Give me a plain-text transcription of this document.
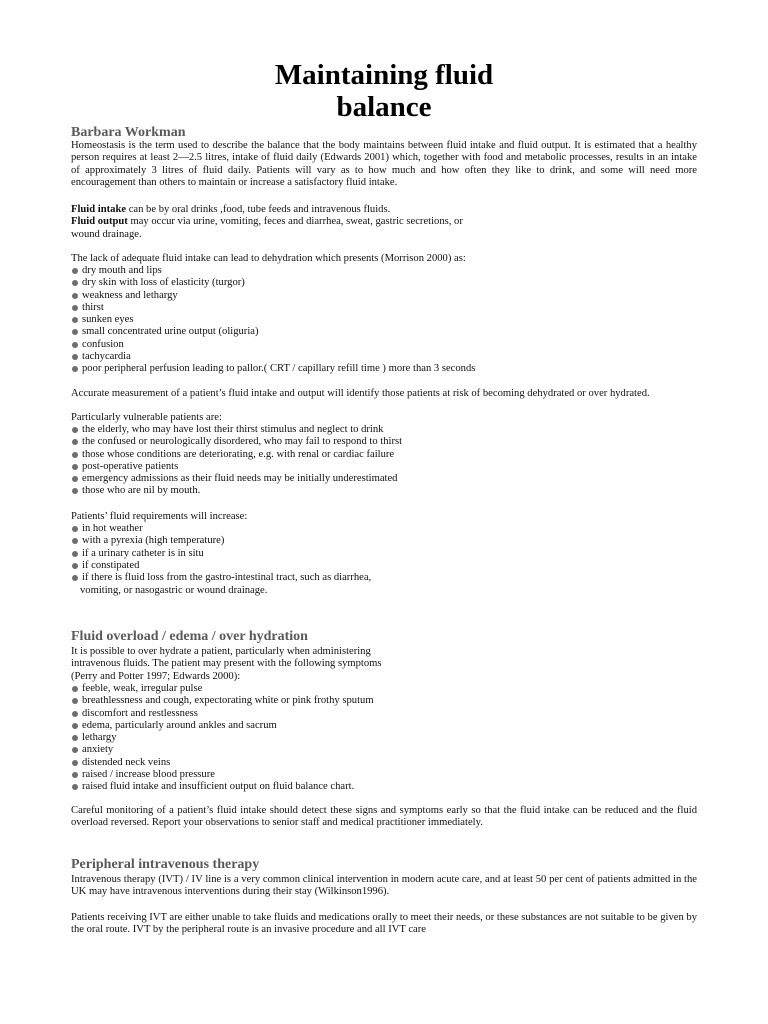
Maintaining fluid
balance
Barbara Workman
Homeostasis is the term used to describe the balance that the body maintains between fluid intake and fluid output. It is estimated that a healthy person requires at least 2—2.5 litres, intake of fluid daily (Edwards 2001) which, together with food and metabolic processes, results in an intake of approximately 3 litres of fluid daily. Patients will vary as to how much and how often they like to drink, and some will need more encouragement than others to maintain or increase a satisfactory fluid intake.
Fluid intake can be by oral drinks ,food, tube feeds and intravenous fluids.
Fluid output may occur via urine, vomiting, feces and diarrhea, sweat, gastric secretions, or
wound drainage.
The lack of adequate fluid intake can lead to dehydration which presents (Morrison 2000) as:
dry mouth and lips
dry skin with loss of elasticity (turgor)
weakness and lethargy
thirst
sunken eyes
small concentrated urine output (oliguria)
confusion
tachycardia
poor peripheral perfusion leading to pallor.( CRT / capillary refill time ) more than 3 seconds
Accurate measurement of a patient’s fluid intake and output will identify those patients at risk of becoming dehydrated or over hydrated.
Particularly vulnerable patients are:
the elderly, who may have lost their thirst stimulus and neglect to drink
the confused or neurologically disordered, who may fail to respond to thirst
those whose conditions are deteriorating, e.g. with renal or cardiac failure
post-operative patients
emergency admissions as their fluid needs may be initially underestimated
those who are nil by mouth.
Patients’ fluid requirements will increase:
in hot weather
with a pyrexia (high temperature)
if a urinary catheter is in situ
if constipated
if there is fluid loss from the gastro-intestinal tract, such as diarrhea,
vomiting, or nasogastric or wound drainage.
Fluid overload / edema / over hydration
It is possible to over hydrate a patient, particularly when administering
intravenous fluids. The patient may present with the following symptoms
(Perry and Potter 1997; Edwards 2000):
feeble, weak, irregular pulse
breathlessness and cough, expectorating white or pink frothy sputum
discomfort and restlessness
edema, particularly around ankles and sacrum
lethargy
anxiety
distended neck veins
raised / increase blood pressure
raised fluid intake and insufficient output on fluid balance chart.
Careful monitoring of a patient’s fluid intake should detect these signs and symptoms early so that the fluid intake can be reduced and the fluid overload reversed. Report your observations to senior staff and medical practitioner immediately.
Peripheral intravenous therapy
Intravenous therapy (IVT) / IV line is a very common clinical intervention in modern acute care, and at least 50 per cent of patients admitted in the UK may have intravenous interventions during their stay (Wilkinson1996).
Patients receiving IVT are either unable to take fluids and medications orally to meet their needs, or these substances are not suitable to be given by the oral route. IVT by the peripheral route is an invasive procedure and all IVT care
